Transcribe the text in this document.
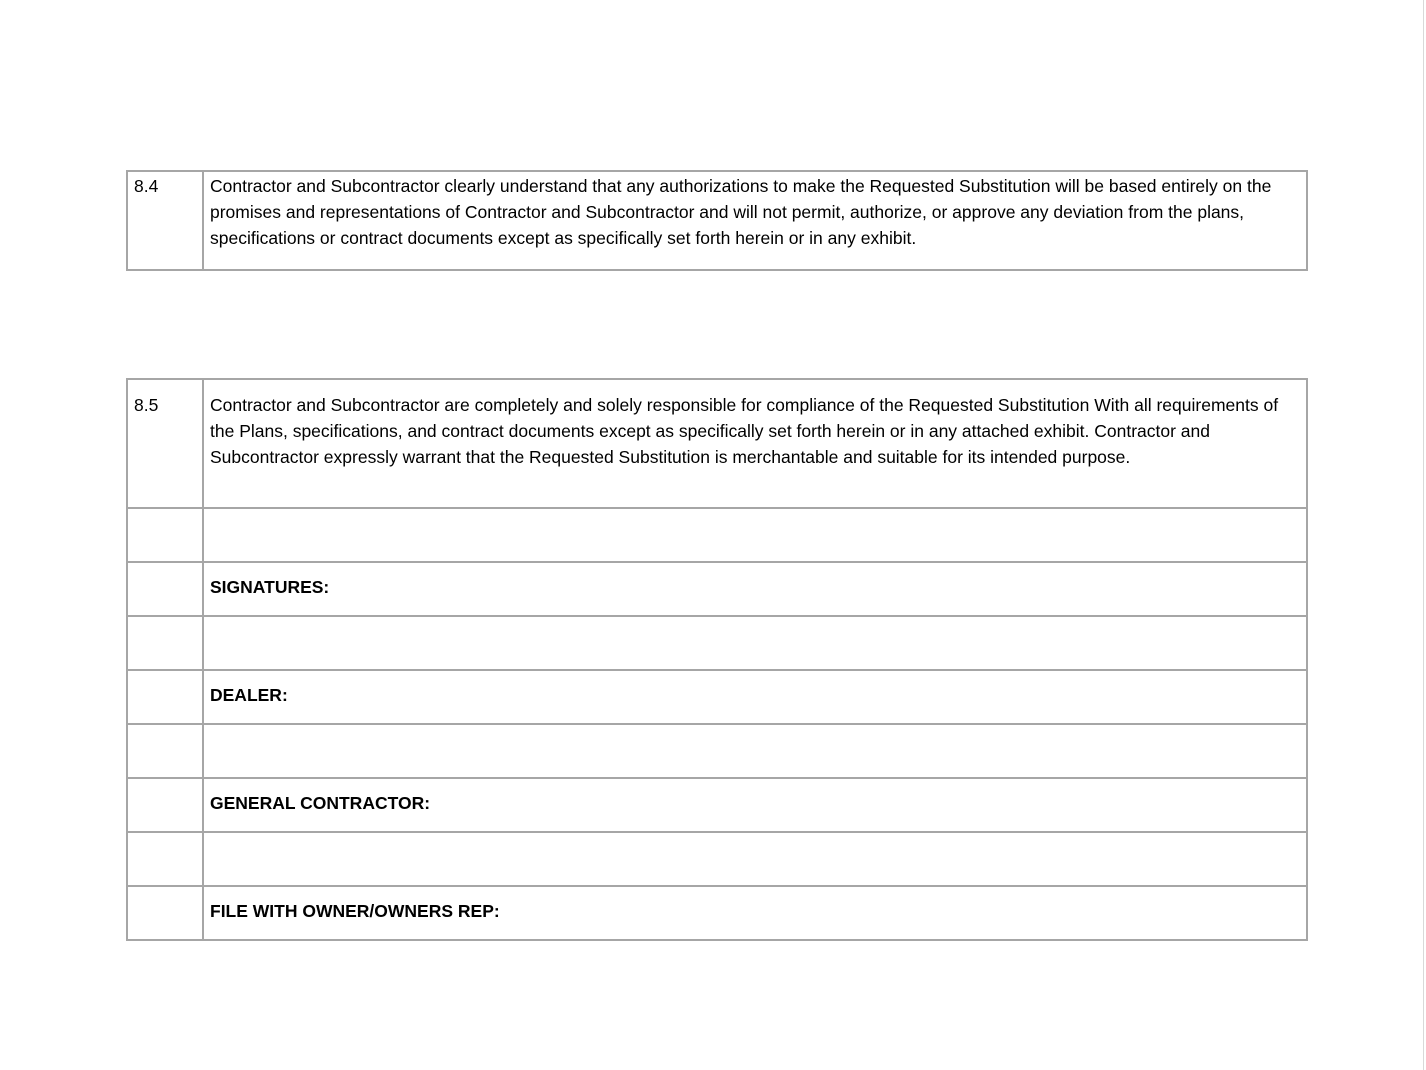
8.4	Contractor and Subcontractor clearly understand that any authorizations to make the Requested Substitution will be based entirely on the promises and representations of Contractor and Subcontractor and will not permit, authorize, or approve any deviation from the plans, specifications or contract documents except as specifically set forth herein or in any exhibit.
8.5	Contractor and Subcontractor are completely and solely responsible for compliance of the Requested Substitution With all requirements of the Plans, specifications, and contract documents except as specifically set forth herein or in any attached exhibit. Contractor and Subcontractor expressly warrant that the Requested Substitution is merchantable and suitable for its intended purpose.

	SIGNATURES:

	DEALER:

	GENERAL CONTRACTOR:

	FILE WITH OWNER/OWNERS REP:
